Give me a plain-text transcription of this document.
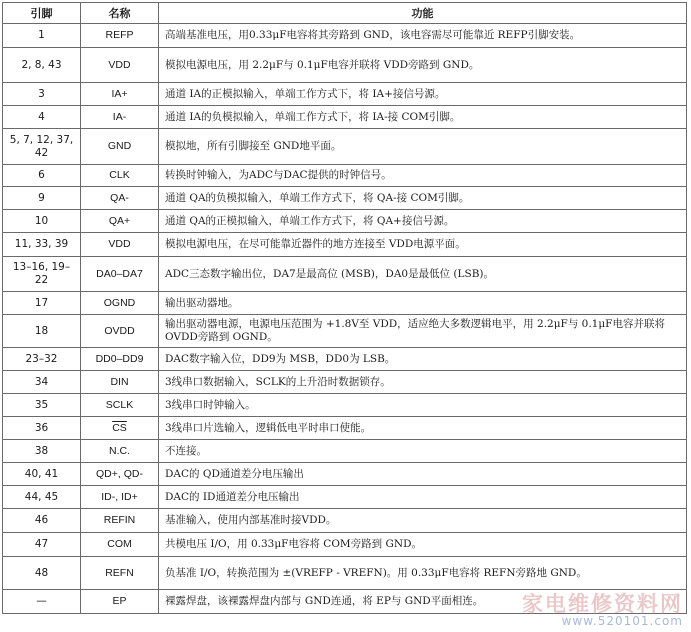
引脚	名称	功能
1	REFP	高端基准电压，用0.33μF电容将其旁路到 GND，该电容需尽可能靠近 REFP引脚安装。
2, 8, 43	VDD	模拟电源电压，用 2.2μF与 0.1μF电容并联将 VDD旁路到 GND。
3	IA+	通道 IA的正模拟输入，单端工作方式下，将 IA+接信号源。
4	IA-	通道 IA的负模拟输入，单端工作方式下，将 IA-接 COM引脚。
5, 7, 12, 37, 42	GND	模拟地，所有引脚接至 GND地平面。
6	CLK	转换时钟输入，为ADC与DAC提供的时钟信号。
9	QA-	通道 QA的负模拟输入，单端工作方式下，将 QA-接 COM引脚。
10	QA+	通道 QA的正模拟输入，单端工作方式下，将 QA+接信号源。
11, 33, 39	VDD	模拟电源电压，在尽可能靠近器件的地方连接至 VDD电源平面。
13–16, 19–22	DA0–DA7	ADC三态数字输出位，DA7是最高位 (MSB)，DA0是最低位 (LSB)。
17	OGND	输出驱动器地。
18	OVDD	输出驱动器电源，电源电压范围为 +1.8V至 VDD，适应绝大多数逻辑电平，用 2.2μF与 0.1μF电容并联将 OVDD旁路到 OGND。
23–32	DD0–DD9	DAC数字输入位，DD9为 MSB，DD0为 LSB。
34	DIN	3线串口数据输入，SCLK的上升沿时数据锁存。
35	SCLK	3线串口时钟输入。
36	$\overline{CS}$	3线串口片选输入，逻辑低电平时串口使能。
38	N.C.	不连接。
40, 41	QD+, QD-	DAC的 QD通道差分电压输出
44, 45	ID-, ID+	DAC的 ID通道差分电压输出
46	REFIN	基准输入，使用内部基准时接VDD。
47	COM	共模电压 I/O，用 0.33μF电容将 COM旁路到 GND。
48	REFN	负基准 I/O，转换范围为 ±(VREFP - VREFN)。用 0.33μF电容将 REFN旁路地 GND。
—	EP	裸露焊盘，该裸露焊盘内部与 GND连通，将 EP与 GND平面相连。 家电维修资料网
www.520101.com
